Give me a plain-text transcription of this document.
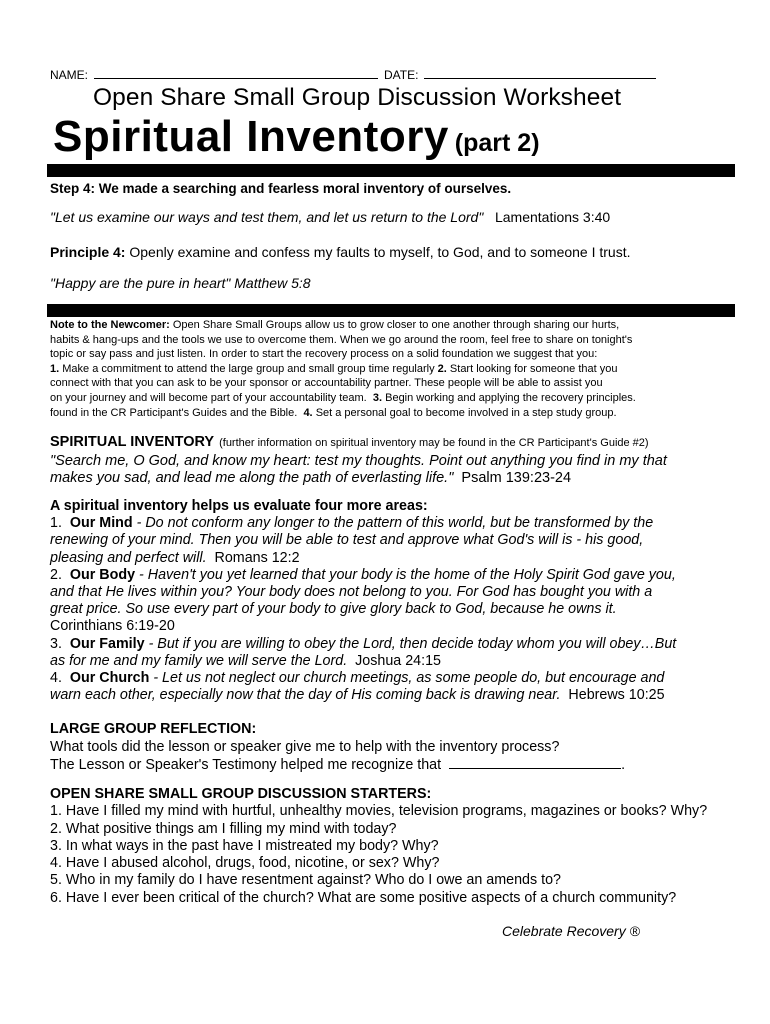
NAME:	DATE:
Open Share Small Group Discussion Worksheet
Spiritual Inventory (part 2)
Step 4: We made a searching and fearless moral inventory of ourselves.
"Let us examine our ways and test them, and let us return to the Lord" Lamentations 3:40
Principle 4: Openly examine and confess my faults to myself, to God, and to someone I trust.
"Happy are the pure in heart" Matthew 5:8
Note to the Newcomer: Open Share Small Groups allow us to grow closer to one another through sharing our hurts,
habits & hang-ups and the tools we use to overcome them. When we go around the room, feel free to share on tonight's
topic or say pass and just listen. In order to start the recovery process on a solid foundation we suggest that you:
1. Make a commitment to attend the large group and small group time regularly 2. Start looking for someone that you
connect with that you can ask to be your sponsor or accountability partner. These people will be able to assist you
on your journey and will become part of your accountability team. 3. Begin working and applying the recovery principles.
found in the CR Participant's Guides and the Bible. 4. Set a personal goal to become involved in a step study group.
SPIRITUAL INVENTORY (further information on spiritual inventory may be found in the CR Participant's Guide #2)
"Search me, O God, and know my heart: test my thoughts. Point out anything you find in my that
makes you sad, and lead me along the path of everlasting life." Psalm 139:23-24
A spiritual inventory helps us evaluate four more areas:
1. Our Mind - Do not conform any longer to the pattern of this world, but be transformed by the
renewing of your mind. Then you will be able to test and approve what God's will is - his good,
pleasing and perfect will. Romans 12:2
2. Our Body - Haven't you yet learned that your body is the home of the Holy Spirit God gave you,
and that He lives within you? Your body does not belong to you. For God has bought you with a
great price. So use every part of your body to give glory back to God, because he owns it.
Corinthians 6:19-20
3. Our Family - But if you are willing to obey the Lord, then decide today whom you will obey…But
as for me and my family we will serve the Lord. Joshua 24:15
4. Our Church - Let us not neglect our church meetings, as some people do, but encourage and
warn each other, especially now that the day of His coming back is drawing near. Hebrews 10:25
LARGE GROUP REFLECTION:
What tools did the lesson or speaker give me to help with the inventory process?
The Lesson or Speaker's Testimony helped me recognize that	.
OPEN SHARE SMALL GROUP DISCUSSION STARTERS:
1. Have I filled my mind with hurtful, unhealthy movies, television programs, magazines or books? Why?
2. What positive things am I filling my mind with today?
3. In what ways in the past have I mistreated my body? Why?
4. Have I abused alcohol, drugs, food, nicotine, or sex? Why?
5. Who in my family do I have resentment against? Who do I owe an amends to?
6. Have I ever been critical of the church? What are some positive aspects of a church community?
Celebrate Recovery ®
